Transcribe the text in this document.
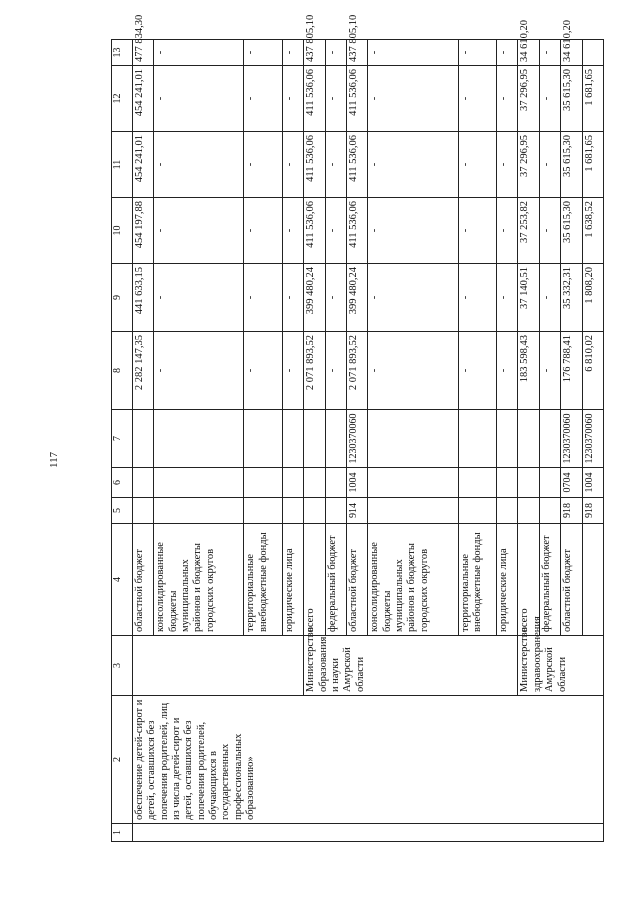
117
1	2	3	4	5	6	7	8	9	10	11	12	13
	обеспечение детей-сирот и детей, оставшихся без попечения родителей, лиц из числа детей-сирот и детей, оставшихся без попечения родителей, обучающихся в государственных профессиональных образованию»		областной бюджет				2 282 147,35	441 633,15	454 197,88	454 241,01	454 241,01	477 834,30
			консолидированные бюджеты муниципальных районов и бюджеты городских округов				-	-	-	-	-	-
			территориальные внебюджетные фонды				-	-	-	-	-	-
			юридические лица				-	-	-	-	-	-
		Министерство образования и науки Амурской области	всего				2 071 893,52	399 480,24	411 536,06	411 536,06	411 536,06	437 805,10
			федеральный бюджет				-	-	-	-	-	-
			областной бюджет	914	1004	1230370060	2 071 893,52	399 480,24	411 536,06	411 536,06	411 536,06	437 805,10
			консолидированные бюджеты муниципальных районов и бюджеты городских округов				-	-	-	-	-	-
			территориальные внебюджетные фонды				-	-	-	-	-	-
			юридические лица				-	-	-	-	-	-
		Министерство здравоохранения Амурской области	всего				183 598,43	37 140,51	37 253,82	37 296,95	37 296,95	34 610,20
			федеральный бюджет				-	-	-	-	-	-
			областной бюджет	918	0704	1230370060	176 788,41	35 332,31	35 615,30	35 615,30	35 615,30	34 610,20
				918	1004	1230370060	6 810,02	1 808,20	1 638,52	1 681,65	1 681,65	
